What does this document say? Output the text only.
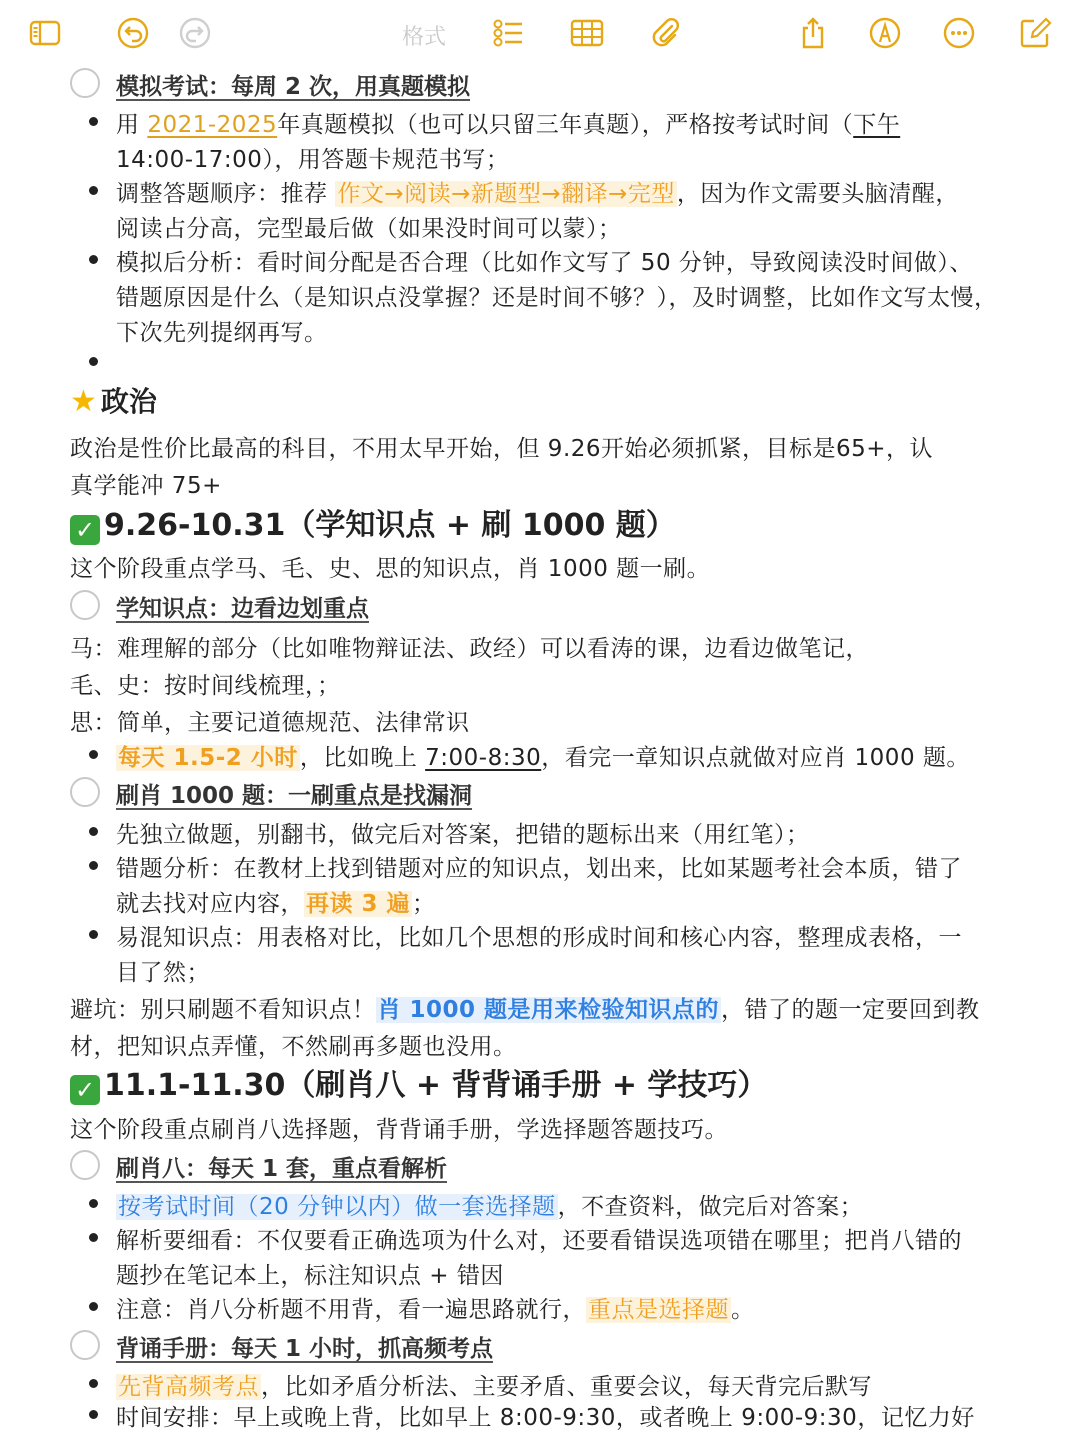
模拟考试：每周 2 次，用真题模拟
用 2021-2025年真题模拟（也可以只留三年真题），严格按考试时间（下午
14:00-17:00），用答题卡规范书写；
调整答题顺序：推荐 作文→阅读→新题型→翻译→完型，因为作文需要头脑清醒，
阅读占分高，完型最后做（如果没时间可以蒙）；
模拟后分析：看时间分配是否合理（比如作文写了 50 分钟，导致阅读没时间做）、
错题原因是什么（是知识点没掌握？还是时间不够？），及时调整，比如作文写太慢，
下次先列提纲再写。
★ 政治
政治是性价比最高的科目，不用太早开始，但 9.26开始必须抓紧，目标是65+，认
真学能冲 75+
✓ 9.26-10.31（学知识点 + 刷 1000 题）
这个阶段重点学马、毛、史、思的知识点，肖 1000 题一刷。
学知识点：边看边划重点
马：难理解的部分（比如唯物辩证法、政经）可以看涛的课，边看边做笔记，
毛、史：按时间线梳理，；
思：简单，主要记道德规范、法律常识
每天 1.5-2 小时，比如晚上 7:00-8:30，看完一章知识点就做对应肖 1000 题。
刷肖 1000 题：一刷重点是找漏洞
先独立做题，别翻书，做完后对答案，把错的题标出来（用红笔）；
错题分析：在教材上找到错题对应的知识点，划出来，比如某题考社会本质，错了
就去找对应内容，再读 3 遍；
易混知识点：用表格对比，比如几个思想的形成时间和核心内容，整理成表格，一
目了然；
避坑：别只刷题不看知识点！肖 1000 题是用来检验知识点的，错了的题一定要回到教
材，把知识点弄懂，不然刷再多题也没用。
✓ 11.1-11.30（刷肖八 + 背背诵手册 + 学技巧）
这个阶段重点刷肖八选择题，背背诵手册，学选择题答题技巧。
刷肖八：每天 1 套，重点看解析
按考试时间（20 分钟以内）做一套选择题，不查资料，做完后对答案；
解析要细看：不仅要看正确选项为什么对，还要看错误选项错在哪里；把肖八错的
题抄在笔记本上，标注知识点 + 错因
注意：肖八分析题不用背，看一遍思路就行，重点是选择题。
背诵手册：每天 1 小时，抓高频考点
先背高频考点，比如矛盾分析法、主要矛盾、重要会议，每天背完后默写
时间安排：早上或晚上背，比如早上 8:00-9:30，或者晚上 9:00-9:30，记忆力好
格式
